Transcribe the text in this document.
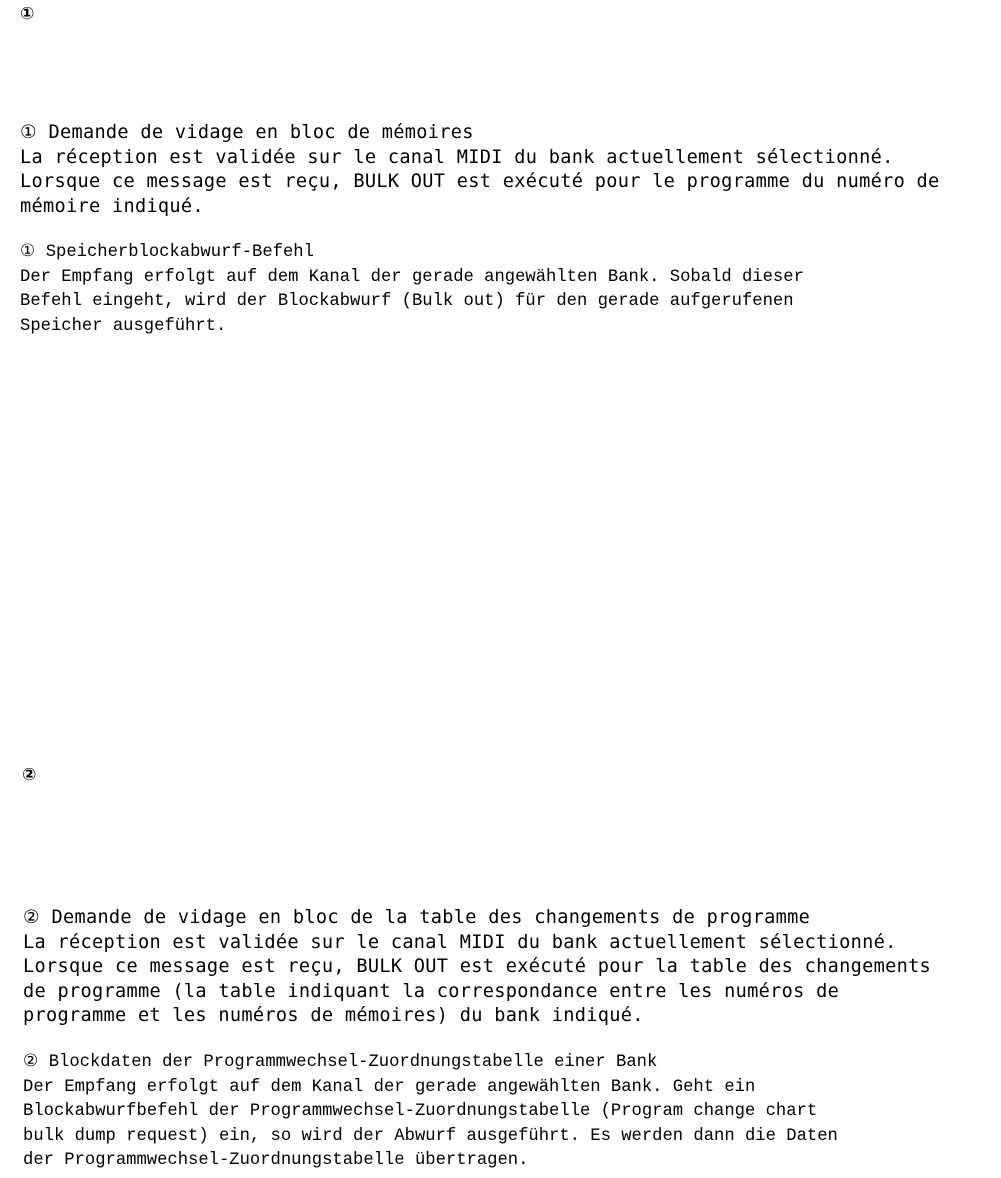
①
① Demande de vidage en bloc de mémoires
La réception est validée sur le canal MIDI du bank actuellement sélectionné.
Lorsque ce message est reçu, BULK OUT est exécuté pour le programme du numéro de
mémoire indiqué.
① Speicherblockabwurf-Befehl
Der Empfang erfolgt auf dem Kanal der gerade angewählten Bank. Sobald dieser
Befehl eingeht, wird der Blockabwurf (Bulk out) für den gerade aufgerufenen
Speicher ausgeführt.
②
② Demande de vidage en bloc de la table des changements de programme
La réception est validée sur le canal MIDI du bank actuellement sélectionné.
Lorsque ce message est reçu, BULK OUT est exécuté pour la table des changements
de programme (la table indiquant la correspondance entre les numéros de
programme et les numéros de mémoires) du bank indiqué.
② Blockdaten der Programmwechsel-Zuordnungstabelle einer Bank
Der Empfang erfolgt auf dem Kanal der gerade angewählten Bank. Geht ein
Blockabwurfbefehl der Programmwechsel-Zuordnungstabelle (Program change chart
bulk dump request) ein, so wird der Abwurf ausgeführt. Es werden dann die Daten
der Programmwechsel-Zuordnungstabelle übertragen.
